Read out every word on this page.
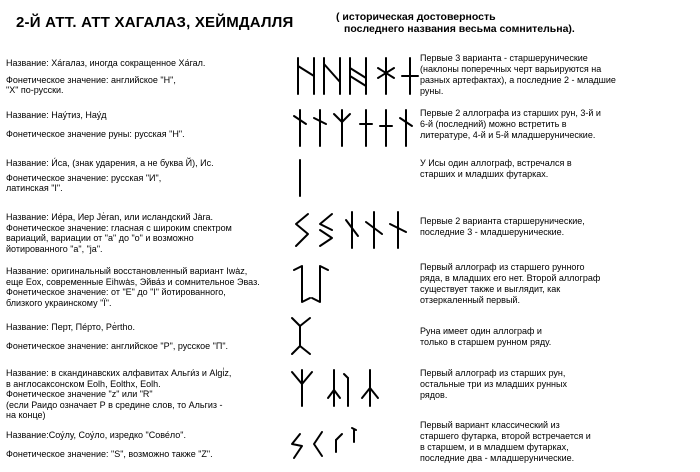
2-Й АТТ. АТТ ХАГАЛАЗ, ХЕЙМДАЛЛЯ	( историческая достоверность
последнего названия весьма сомнительна).
Название: Ха́галаз, иногда сокращенное Ха́гал.
Фонетическое значение: английское "Н",
"Х" по-русски.
Первые 3 варианта - старшерунические
(наклоны поперечных черт варьируются на
разных артефактах), а последние 2 - младшие
руны.
Название: Нау́тиз, Нау́д
Фонетическое значение руны: русская "Н".
Первые 2 аллографа из старших рун, 3-й и
6-й (последний) можно встретить в
литературе, 4-й и 5-й младшерунические.
Название: И́са, (знак ударения, а не буква Й), Ис.
Фонетическое значение: русская "И",
латинская "I".
У Исы один аллограф, встречался в
старших и младших футарках.
Название: Ие́ра, Иер Je̍ran, или исландский Ja̍ra.
Фонетическое значение: гласная с широким спектром
вариаций, вариации от "а" до "о" и возможно
йотированного "а", "ja".
Первые 2 варианта старшерунические,
последние 3 - младшерунические.
Название: оригинальный восстановленный вариант Iwa̍z,
еще Еох, современные Eihwa̍s, Эйва́з и сомнительное Эваз.
Фонетическое значение: от "Е" до "I" йотированного,
близкого украинскому "Ї".
Первый аллограф из старшего рунного
ряда, в младших его нет. Второй аллограф
существует также и выглядит, как
отзеркаленный первый.
Название: Перт, Пе́рто, Pe̍rtho.
Фонетическое значение: английское "Р", русское "П".
Руна имеет один аллограф и
только в старшем рунном ряду.
Название: в скандинавских алфавитах Альги́з и Algi̍z,
в англосаксонском Eolh, Eolthx, Eolh.
Фонетическое значение "z" или "R"
(если Раидо означает Р в средине слов, то Альгиз -
на конце)
Первый аллограф из старших рун,
остальные три из младших рунных
рядов.
Название:Соу́лу, Соу́ло, изредко "Сове́ло".
Фонетическое значение: "S", возможно также "Z".
Первый вариант классический из
старшего футарка, второй встречается и
в старшем, и в младшем футарках,
последние два - младшерунические.
